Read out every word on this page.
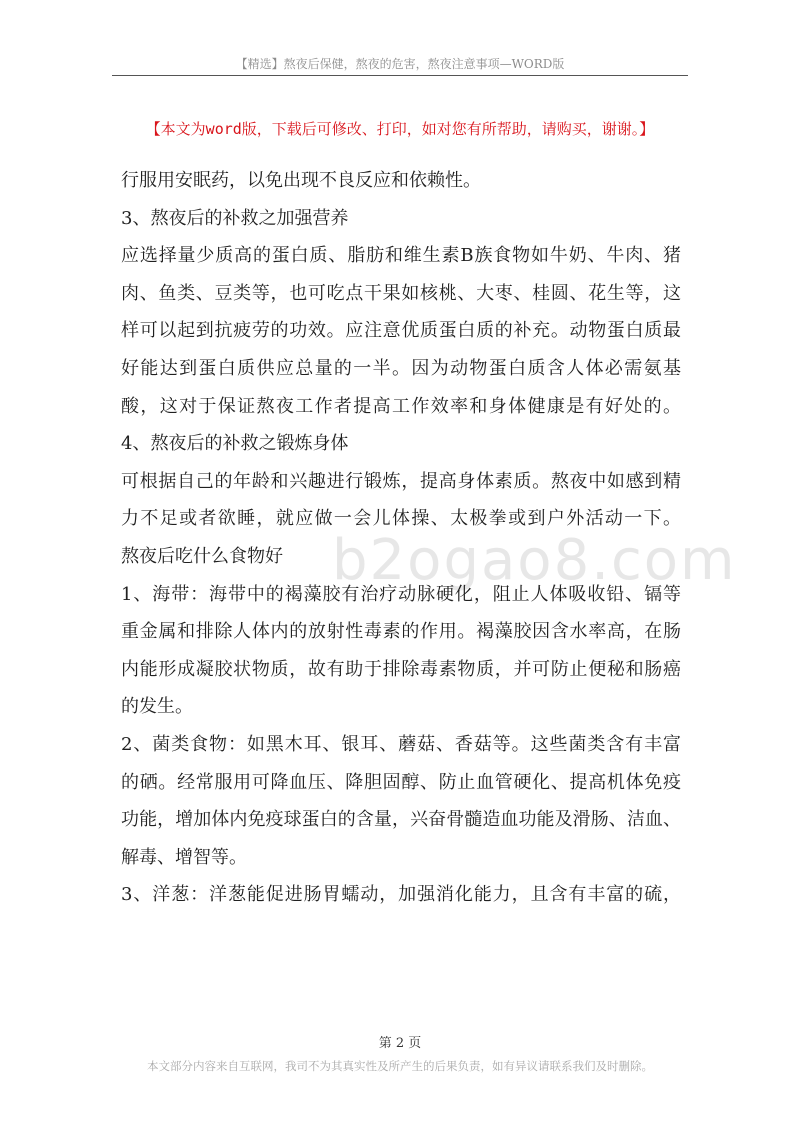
【精选】熬夜后保健，熬夜的危害，熬夜注意事项—WORD版
【本文为word版，下载后可修改、打印，如对您有所帮助，请购买，谢谢。】
b2ogao8.com
行服用安眠药，以免出现不良反应和依赖性。
3、熬夜后的补救之加强营养
应选择量少质高的蛋白质、脂肪和维生素B族食物如牛奶、牛肉、猪
肉、鱼类、豆类等，也可吃点干果如核桃、大枣、桂圆、花生等，这
样可以起到抗疲劳的功效。应注意优质蛋白质的补充。动物蛋白质最
好能达到蛋白质供应总量的一半。因为动物蛋白质含人体必需氨基
酸，这对于保证熬夜工作者提高工作效率和身体健康是有好处的。
4、熬夜后的补救之锻炼身体
可根据自己的年龄和兴趣进行锻炼，提高身体素质。熬夜中如感到精
力不足或者欲睡，就应做一会儿体操、太极拳或到户外活动一下。
熬夜后吃什么食物好
1、海带：海带中的褐藻胶有治疗动脉硬化，阻止人体吸收铅、镉等
重金属和排除人体内的放射性毒素的作用。褐藻胶因含水率高，在肠
内能形成凝胶状物质，故有助于排除毒素物质，并可防止便秘和肠癌
的发生。
2、菌类食物：如黑木耳、银耳、蘑菇、香菇等。这些菌类含有丰富
的硒。经常服用可降血压、降胆固醇、防止血管硬化、提高机体免疫
功能，增加体内免疫球蛋白的含量，兴奋骨髓造血功能及滑肠、洁血、
解毒、增智等。
3、洋葱：洋葱能促进肠胃蠕动，加强消化能力，且含有丰富的硫，
第 2 页
本文部分内容来自互联网，我司不为其真实性及所产生的后果负责，如有异议请联系我们及时删除。
